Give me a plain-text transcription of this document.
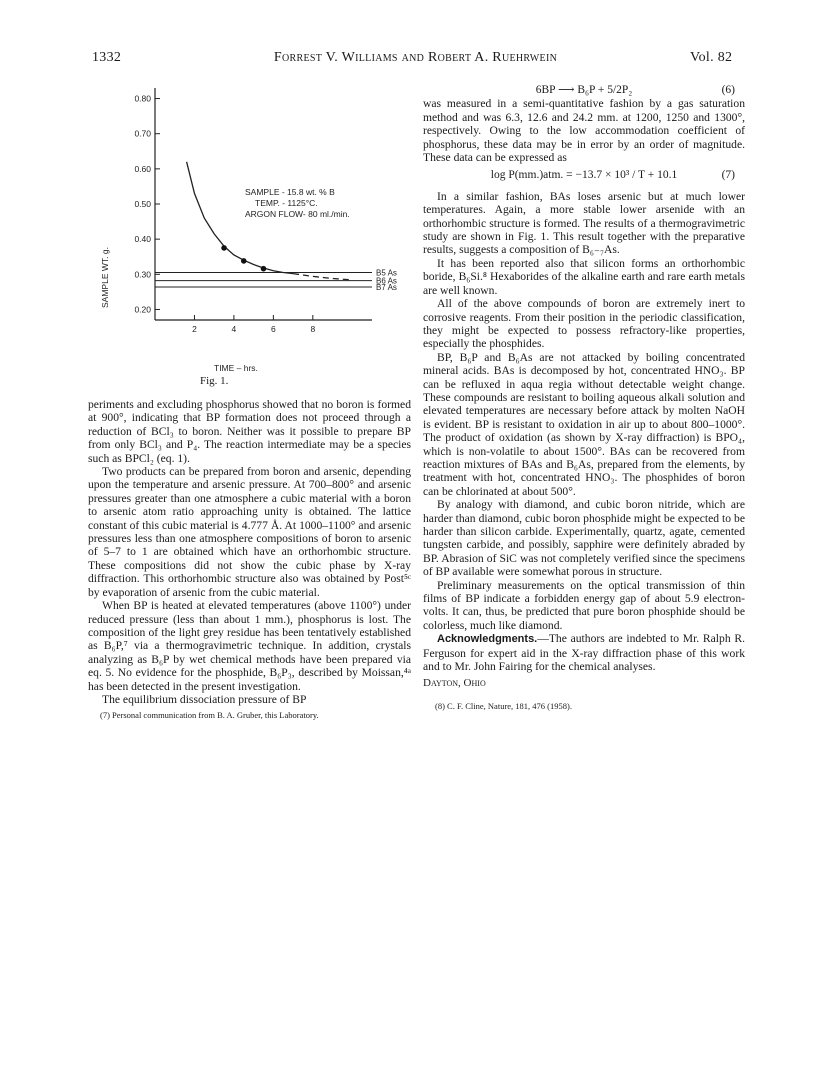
1332	Forrest V. Williams and Robert A. Ruehrwein	Vol. 82
0.20
0.30
0.40
0.50
0.60
0.70
0.80
2	4	6	8
B5 As
B6 As
B7 As
SAMPLE - 15.8 wt. % B
TEMP. - 1125°C.
ARGON FLOW- 80 ml./min.
SAMPLE WT. g.
TIME – hrs.
Fig. 1.

periments and excluding phosphorus showed that no boron is formed at 900°, indicating that BP formation does not proceed through a reduction of BCl₃ to boron. Neither was it possible to prepare BP from only BCl₃ and P₄. The reaction intermediate may be a species such as BPCl₂ (eq. 1).

Two products can be prepared from boron and arsenic, depending upon the temperature and arsenic pressure. At 700–800° and arsenic pressures greater than one atmosphere a cubic material with a boron to arsenic atom ratio approaching unity is obtained. The lattice constant of this cubic material is 4.777 Å. At 1000–1100° and arsenic pressures less than one atmosphere compositions of boron to arsenic of 5–7 to 1 are obtained which have an orthorhombic structure. These compositions did not show the cubic phase by X-ray diffraction. This orthorhombic structure also was obtained by Post⁵ᶜ by evaporation of arsenic from the cubic material.

When BP is heated at elevated temperatures (above 1100°) under reduced pressure (less than about 1 mm.), phosphorus is lost. The composition of the light grey residue has been tentatively established as B₆P,⁷ via a thermogravimetric technique. In addition, crystals analyzing as B₆P by wet chemical methods have been prepared via eq. 5. No evidence for the phosphide, B₆P₃, described by Moissan,⁴ᵃ has been detected in the present investigation.

The equilibrium dissociation pressure of BP

(7) Personal communication from B. A. Gruber, this Laboratory.
6BP ⟶ B₆P + 5/2P₂	(6)

was measured in a semi-quantitative fashion by a gas saturation method and was 6.3, 12.6 and 24.2 mm. at 1200, 1250 and 1300°, respectively. Owing to the low accommodation coefficient of phosphorus, these data may be in error by an order of magnitude. These data can be expressed as

log P(mm.)atm. = −13.7 × 10³ / T + 10.1	(7)

In a similar fashion, BAs loses arsenic but at much lower temperatures. Again, a more stable lower arsenide with an orthorhombic structure is formed. The results of a thermogravimetric study are shown in Fig. 1. This result together with the preparative results, suggests a composition of B₆₋₇As.

It has been reported also that silicon forms an orthorhombic boride, B₆Si.⁸ Hexaborides of the alkaline earth and rare earth metals are well known.

All of the above compounds of boron are extremely inert to corrosive reagents. From their position in the periodic classification, they might be expected to possess refractory-like properties, especially the phosphides.

BP, B₆P and B₆As are not attacked by boiling concentrated mineral acids. BAs is decomposed by hot, concentrated HNO₃. BP can be refluxed in aqua regia without detectable weight change. These compounds are resistant to boiling aqueous alkali solution and elevated temperatures are necessary before attack by molten NaOH is evident. BP is resistant to oxidation in air up to about 800–1000°. The product of oxidation (as shown by X-ray diffraction) is BPO₄, which is non-volatile to about 1500°. BAs can be recovered from reaction mixtures of BAs and B₆As, prepared from the elements, by treatment with hot, concentrated HNO₃. The phosphides of boron can be chlorinated at about 500°.

By analogy with diamond, and cubic boron nitride, which are harder than diamond, cubic boron phosphide might be expected to be harder than silicon carbide. Experimentally, quartz, agate, cemented tungsten carbide, and possibly, sapphire were definitely abraded by BP. Abrasion of SiC was not completely verified since the specimens of BP available were somewhat porous in structure.

Preliminary measurements on the optical transmission of thin films of BP indicate a forbidden energy gap of about 5.9 electron-volts. It can, thus, be predicted that pure boron phosphide should be colorless, much like diamond.

Acknowledgments.—The authors are indebted to Mr. Ralph R. Ferguson for expert aid in the X-ray diffraction phase of this work and to Mr. John Fairing for the chemical analyses.

Dayton, Ohio
(8) C. F. Cline, Nature, 181, 476 (1958).
